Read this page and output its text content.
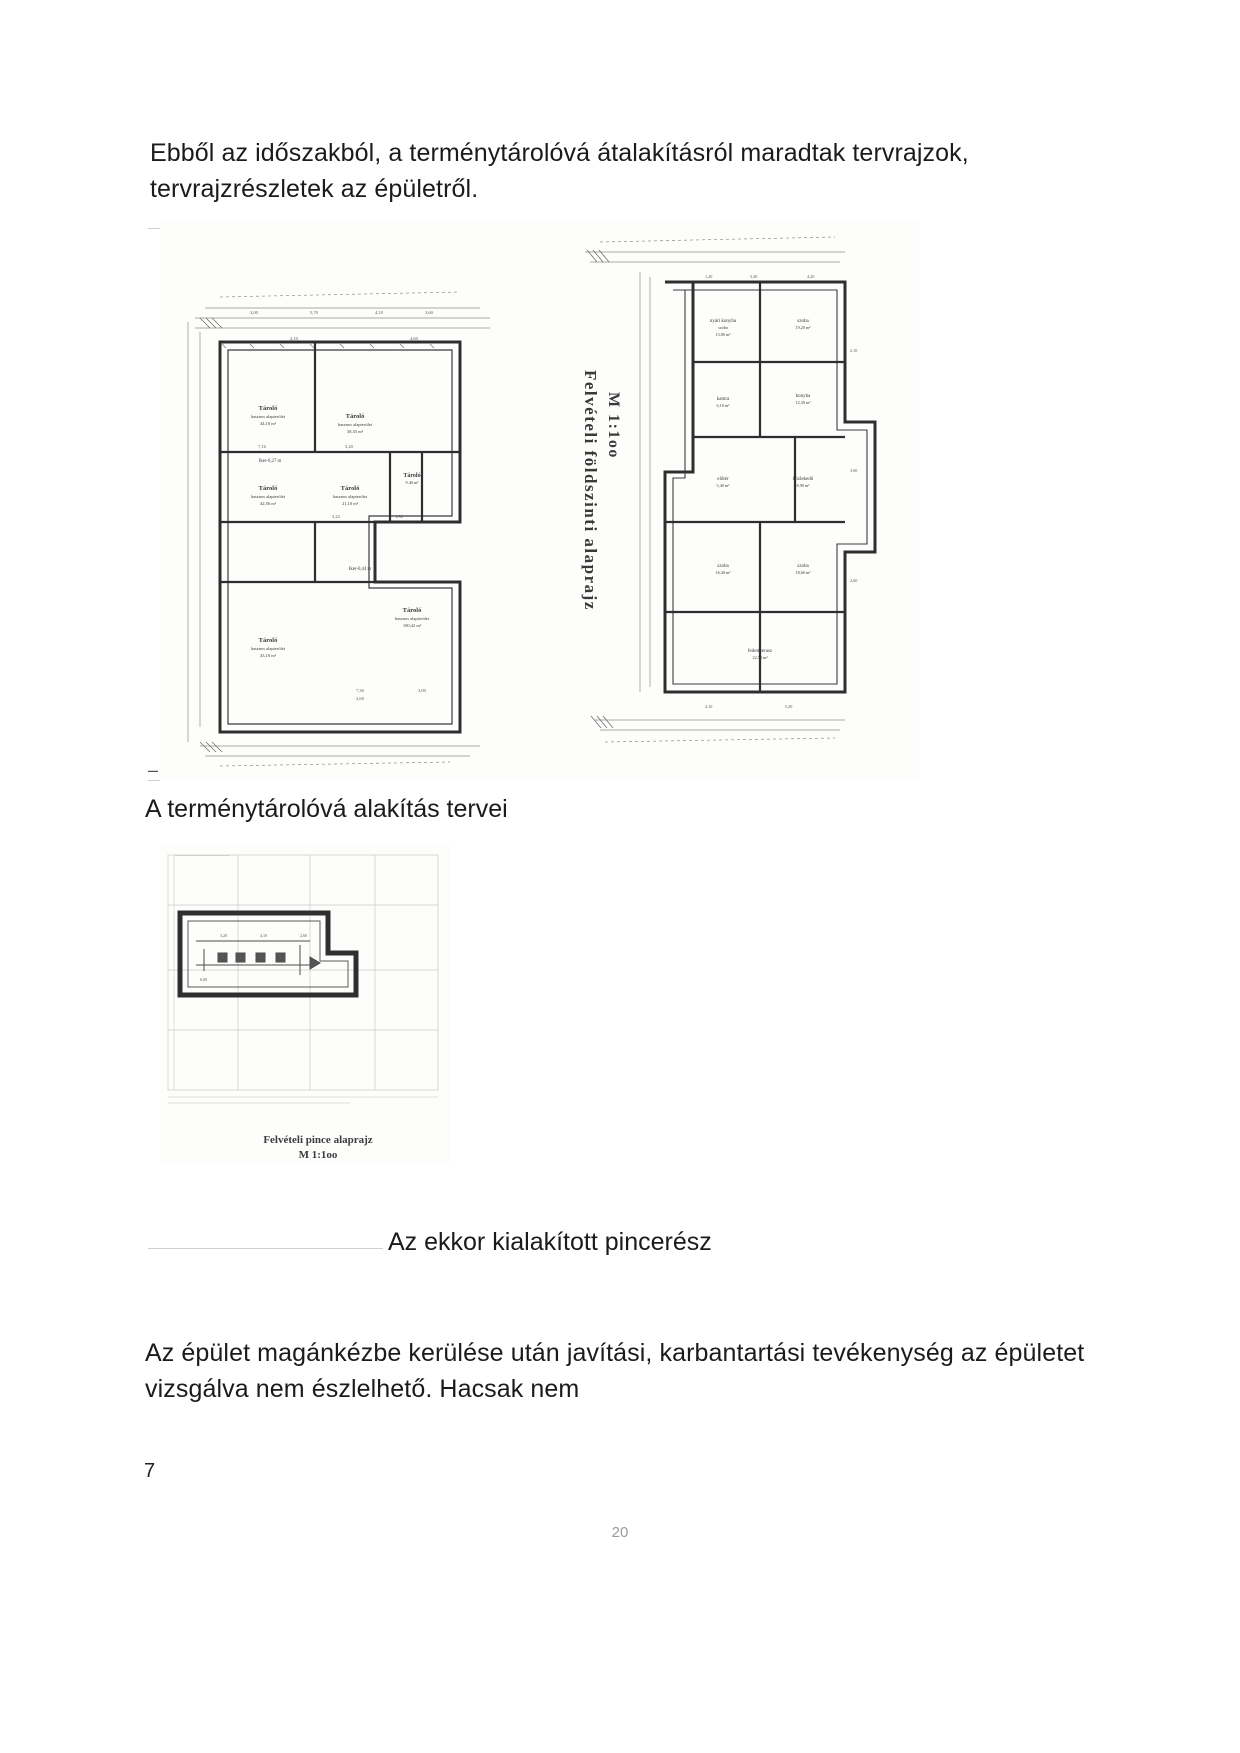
Ebből az időszakból, a terménytárolóvá átalakításról maradtak tervrajzok, tervrajzrészletek az épületről.
–
Tároló
hasznos alapterület
44,10 m²
Tároló
hasznos alapterület
38,55 m²
Tároló
hasznos alapterület
42,56 m²
Tároló
hasznos alapterület
21,10 m²
Tároló
9,40 m²
Tároló
hasznos alapterület
43,10 m²
Tároló
hasznos alapterület
100,42 m²
Iker-0,27 m
Iker-0,44 m
3,00	5,70	4,10	3,60
2,10	4,60
7,16	5,20
3,22	1,30
7,30	3,00
2,60
nyári konyha
szoba
13,80 m²
szoba
19,20 m²
konyha
12,30 m²
kamra
6,10 m²
előtér
5,40 m²
közlekedő
8,90 m²
szoba
16,40 m²
szoba
18,60 m²
fedett terasz
22,50 m²
1,20	3,40	4,20
2,10
3,00
2,60
4,10	5,20
Felvételi földszinti alaprajz M 1:1oo
A terménytárolóvá alakítás tervei
3,20	4,10	2,60
6,00
Felvételi pince alaprajz
M 1:1oo
Az ekkor kialakított pincerész
Az épület magánkézbe kerülése után javítási, karbantartási tevékenység az épületet vizsgálva nem észlelhető. Hacsak nem
7
20
